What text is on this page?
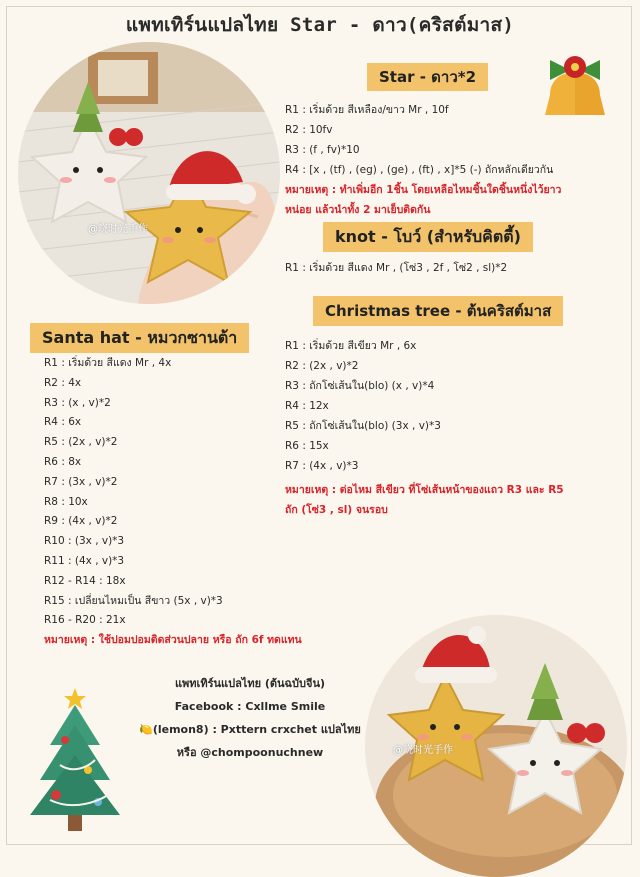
แพทเทิร์นแปลไทย Star - ดาว(คริสต์มาส)
@晓时光手作
@晓时光手作
Star - ดาว*2
R1 : เริ่มด้วย สีเหลือง/ขาว Mr , 10f
R2 : 10fv
R3 : (f , fv)*10
R4 : [x , (tf) , (eg) , (ge) , (ft) , x]*5 (-) ถักหลักเดียวกัน
หมายเหตุ : ทำเพิ่มอีก 1ชิ้น โดยเหลือไหมชิ้นใดชิ้นหนึ่งไว้ยาว
หน่อย แล้วนำทั้ง 2 มาเย็บติดกัน
knot - โบว์ (สำหรับคิตตี้)
R1 : เริ่มด้วย สีแดง Mr , (โซ่3 , 2f , โซ่2 , sl)*2
Christmas tree - ต้นคริสต์มาส
R1 : เริ่มด้วย สีเขียว Mr , 6x
R2 : (2x , v)*2
R3 : ถักโซ่เส้นใน(blo) (x , v)*4
R4 : 12x
R5 : ถักโซ่เส้นใน(blo) (3x , v)*3
R6 : 15x
R7 : (4x , v)*3
หมายเหตุ : ต่อไหม สีเขียว ที่โซ่เส้นหน้าของแถว R3 และ R5
ถัก (โซ่3 , sl) จนรอบ
Santa hat - หมวกซานต้า
R1 : เริ่มด้วย สีแดง Mr , 4x
R2 : 4x
R3 : (x , v)*2
R4 : 6x
R5 : (2x , v)*2
R6 : 8x
R7 : (3x , v)*2
R8 : 10x
R9 : (4x , v)*2
R10 : (3x , v)*3
R11 : (4x , v)*3
R12 - R14 : 18x
R15 : เปลี่ยนไหมเป็น สีขาว (5x , v)*3
R16 - R20 : 21x
หมายเหตุ : ใช้ปอมปอมติดส่วนปลาย หรือ ถัก 6f ทดแทน
แพทเทิร์นแปลไทย (ต้นฉบับจีน)
Facebook : Cxllme Smile
🍋(lemon8) : Pxttern crxchet แปลไทย
หรือ @chompoonuchnew
